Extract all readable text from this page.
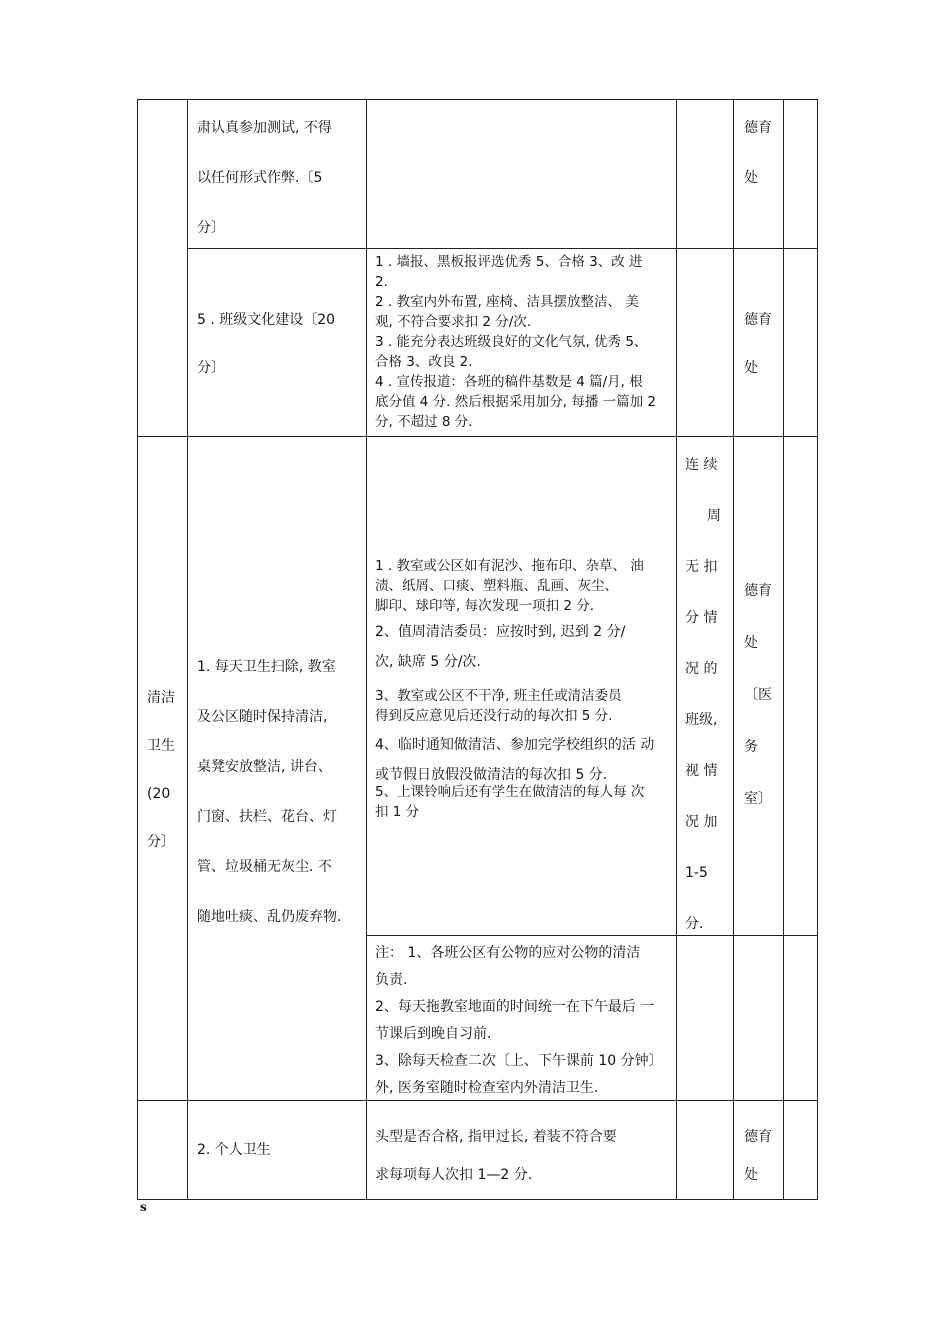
肃认真参加测试, 不得
以任何形式作弊.〔5
分〕
德育
处
5 . 班级文化建设〔20
分〕
1 . 墙报、黑板报评选优秀 5、合格 3、改 进
2.
2 . 教室内外布置, 座椅、洁具摆放整洁、 美
观, 不符合要求扣 2 分/次.
3 . 能充分表达班级良好的文化气氛, 优秀 5、
合格 3、改良 2.
4 . 宣传报道：各班的稿件基数是 4 篇/月, 根
底分值 4 分. 然后根据采用加分, 每播 一篇加 2
分, 不超过 8 分.
德育
处
清洁
卫生
(20
分〕
1. 每天卫生扫除, 教室
及公区随时保持清洁,
桌凳安放整洁, 讲台、
门窗、扶栏、花台、灯
管、垃圾桶无灰尘. 不
随地吐痰、乱仍废弃物.
1 . 教室或公区如有泥沙、拖布印、杂草、 油
渍、纸屑、口痰、塑料瓶、乱画、灰尘、
脚印、球印等, 每次发现一项扣 2 分.
2、值周清洁委员：应按时到, 迟到 2 分/
次, 缺席 5 分/次.
3、教室或公区不干净, 班主任或清洁委员
得到反应意见后还没行动的每次扣 5 分.
4、临时通知做清洁、参加完学校组织的活 动
或节假日放假没做清洁的每次扣 5 分.
5、上课铃响后还有学生在做清洁的每人每 次
扣 1 分
连 续
周
无 扣
分 情
况 的
班级,
视 情
况 加
1-5
分.
德育
处
〔医
务
室〕
注： 1、各班公区有公物的应对公物的清洁
负责.
2、每天拖教室地面的时间统一在下午最后 一
节课后到晚自习前.
3、除每天检查二次〔上、下午课前 10 分钟〕
外, 医务室随时检查室内外清洁卫生.
2. 个人卫生
头型是否合格, 指甲过长, 着装不符合要
求每项每人次扣 1—2 分.
德育
处
s
